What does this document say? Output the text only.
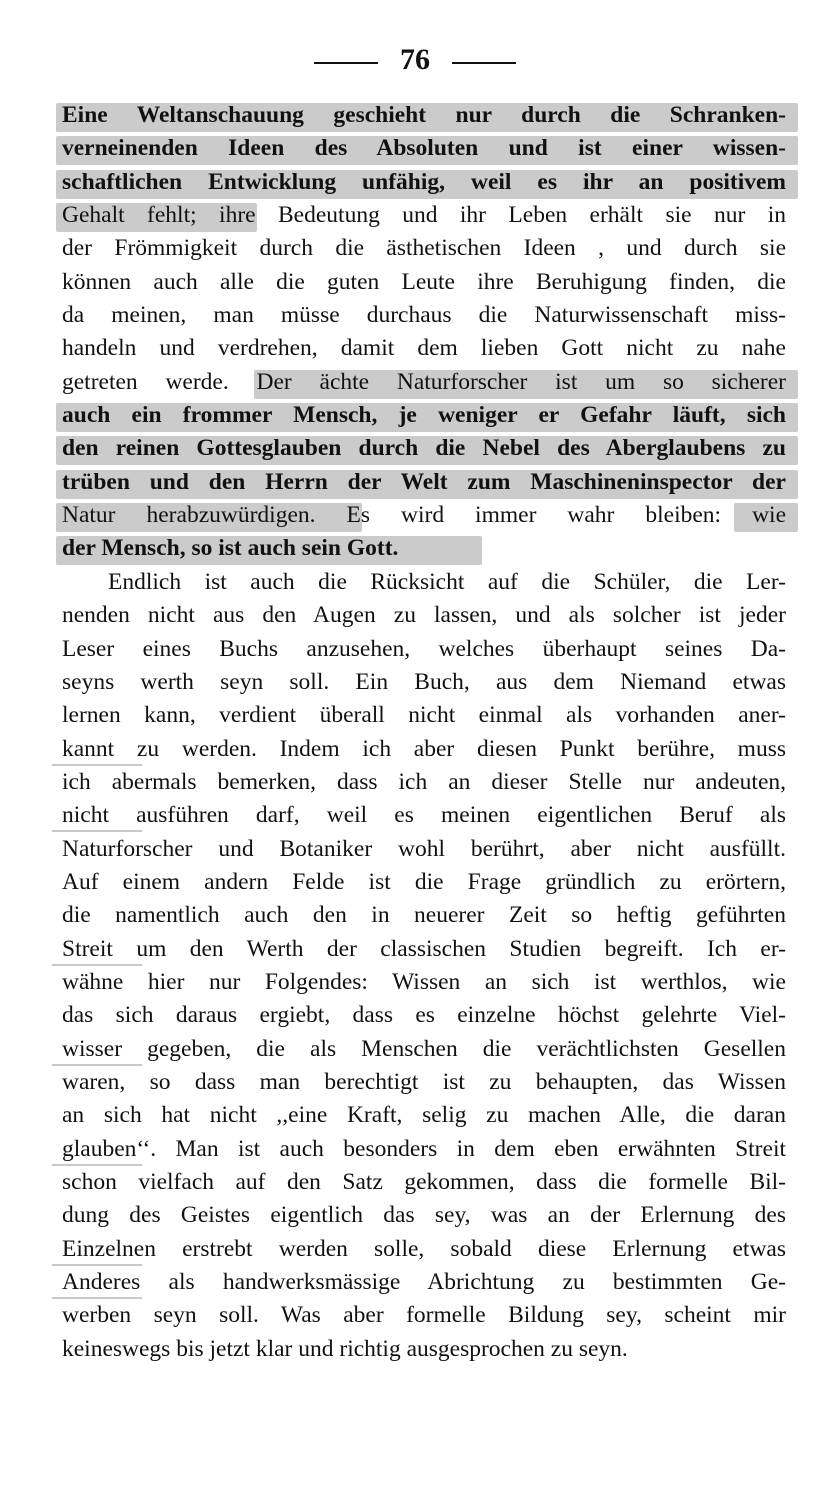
76
Eine Weltanschauung geschieht nur durch die Schranken-
verneinenden Ideen des Absoluten und ist einer wissen-
schaftlichen Entwicklung unfähig, weil es ihr an positivem
Gehalt fehlt; ihre Bedeutung und ihr Leben erhält sie nur in
der Frömmigkeit durch die ästhetischen Ideen , und durch sie
können auch alle die guten Leute ihre Beruhigung finden, die
da meinen, man müsse durchaus die Naturwissenschaft miss-
handeln und verdrehen, damit dem lieben Gott nicht zu nahe
getreten werde. Der ächte Naturforscher ist um so sicherer
auch ein frommer Mensch, je weniger er Gefahr läuft, sich
den reinen Gottesglauben durch die Nebel des Aberglaubens zu
trüben und den Herrn der Welt zum Maschineninspector der
Natur herabzuwürdigen. Es wird immer wahr bleiben: wie
der Mensch, so ist auch sein Gott.
Endlich ist auch die Rücksicht auf die Schüler, die Ler-
nenden nicht aus den Augen zu lassen, und als solcher ist jeder
Leser eines Buchs anzusehen, welches überhaupt seines Da-
seyns werth seyn soll. Ein Buch, aus dem Niemand etwas
lernen kann, verdient überall nicht einmal als vorhanden aner-
kannt zu werden. Indem ich aber diesen Punkt berühre, muss
ich abermals bemerken, dass ich an dieser Stelle nur andeuten,
nicht ausführen darf, weil es meinen eigentlichen Beruf als
Naturforscher und Botaniker wohl berührt, aber nicht ausfüllt.
Auf einem andern Felde ist die Frage gründlich zu erörtern,
die namentlich auch den in neuerer Zeit so heftig geführten
Streit um den Werth der classischen Studien begreift. Ich er-
wähne hier nur Folgendes: Wissen an sich ist werthlos, wie
das sich daraus ergiebt, dass es einzelne höchst gelehrte Viel-
wisser gegeben, die als Menschen die verächtlichsten Gesellen
waren, so dass man berechtigt ist zu behaupten, das Wissen
an sich hat nicht ,,eine Kraft, selig zu machen Alle, die daran
glauben‘‘. Man ist auch besonders in dem eben erwähnten Streit
schon vielfach auf den Satz gekommen, dass die formelle Bil-
dung des Geistes eigentlich das sey, was an der Erlernung des
Einzelnen erstrebt werden solle, sobald diese Erlernung etwas
Anderes als handwerksmässige Abrichtung zu bestimmten Ge-
werben seyn soll. Was aber formelle Bildung sey, scheint mir
keineswegs bis jetzt klar und richtig ausgesprochen zu seyn.
